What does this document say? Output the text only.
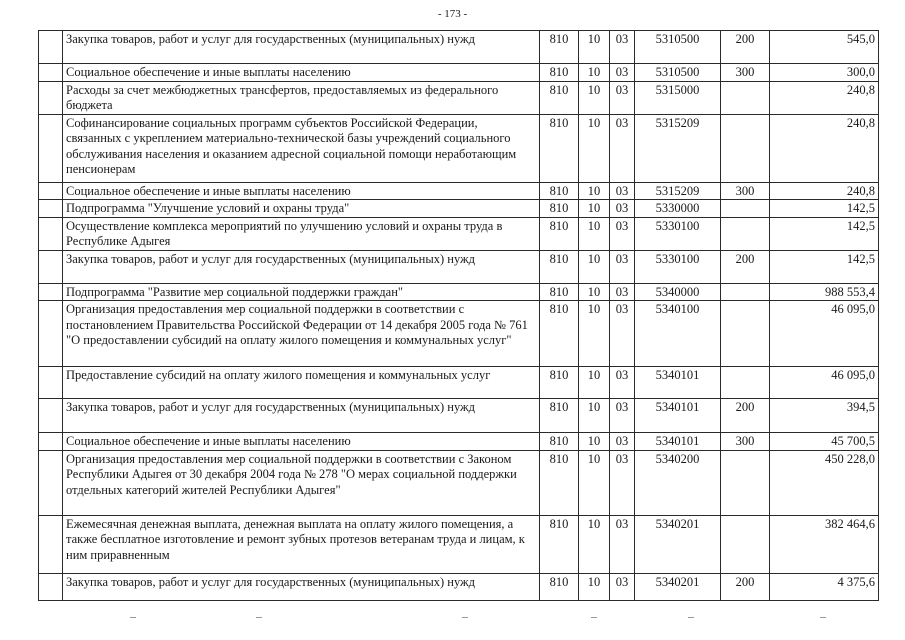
- 173 -
	Закупка товаров, работ и услуг для государственных (муниципальных) нужд	810	10	03	5310500	200	545,0
	Социальное обеспечение и иные выплаты населению	810	10	03	5310500	300	300,0
	Расходы за счет межбюджетных трансфертов, предоставляемых из федерального бюджета	810	10	03	5315000		240,8
	Софинансирование социальных программ субъектов Российской Федерации, связанных с укреплением материально-технической базы учреждений социального обслуживания населения и оказанием адресной социальной помощи неработающим пенсионерам	810	10	03	5315209		240,8
	Социальное обеспечение и иные выплаты населению	810	10	03	5315209	300	240,8
	Подпрограмма "Улучшение условий и охраны труда"	810	10	03	5330000		142,5
	Осуществление комплекса мероприятий по улучшению условий и охраны труда в Республике Адыгея	810	10	03	5330100		142,5
	Закупка товаров, работ и услуг для государственных (муниципальных) нужд	810	10	03	5330100	200	142,5
	Подпрограмма "Развитие мер социальной поддержки граждан"	810	10	03	5340000		988 553,4
	Организация предоставления мер социальной поддержки в соответствии с постановлением Правительства Российской Федерации от 14 декабря 2005 года № 761 "О предоставлении субсидий на оплату жилого помещения и коммунальных услуг"	810	10	03	5340100		46 095,0
	Предоставление субсидий на оплату жилого помещения и коммунальных услуг	810	10	03	5340101		46 095,0
	Закупка товаров, работ и услуг для государственных (муниципальных) нужд	810	10	03	5340101	200	394,5
	Социальное обеспечение и иные выплаты населению	810	10	03	5340101	300	45 700,5
	Организация предоставления мер социальной поддержки в соответствии с Законом Республики Адыгея от 30 декабря 2004 года № 278 "О мерах социальной поддержки отдельных категорий жителей Республики Адыгея"	810	10	03	5340200		450 228,0
	Ежемесячная денежная выплата, денежная выплата на оплату жилого помещения, а также бесплатное изготовление и ремонт зубных протезов ветеранам труда и лицам, к ним приравненным	810	10	03	5340201		382 464,6
	Закупка товаров, работ и услуг для государственных (муниципальных) нужд	810	10	03	5340201	200	4 375,6
